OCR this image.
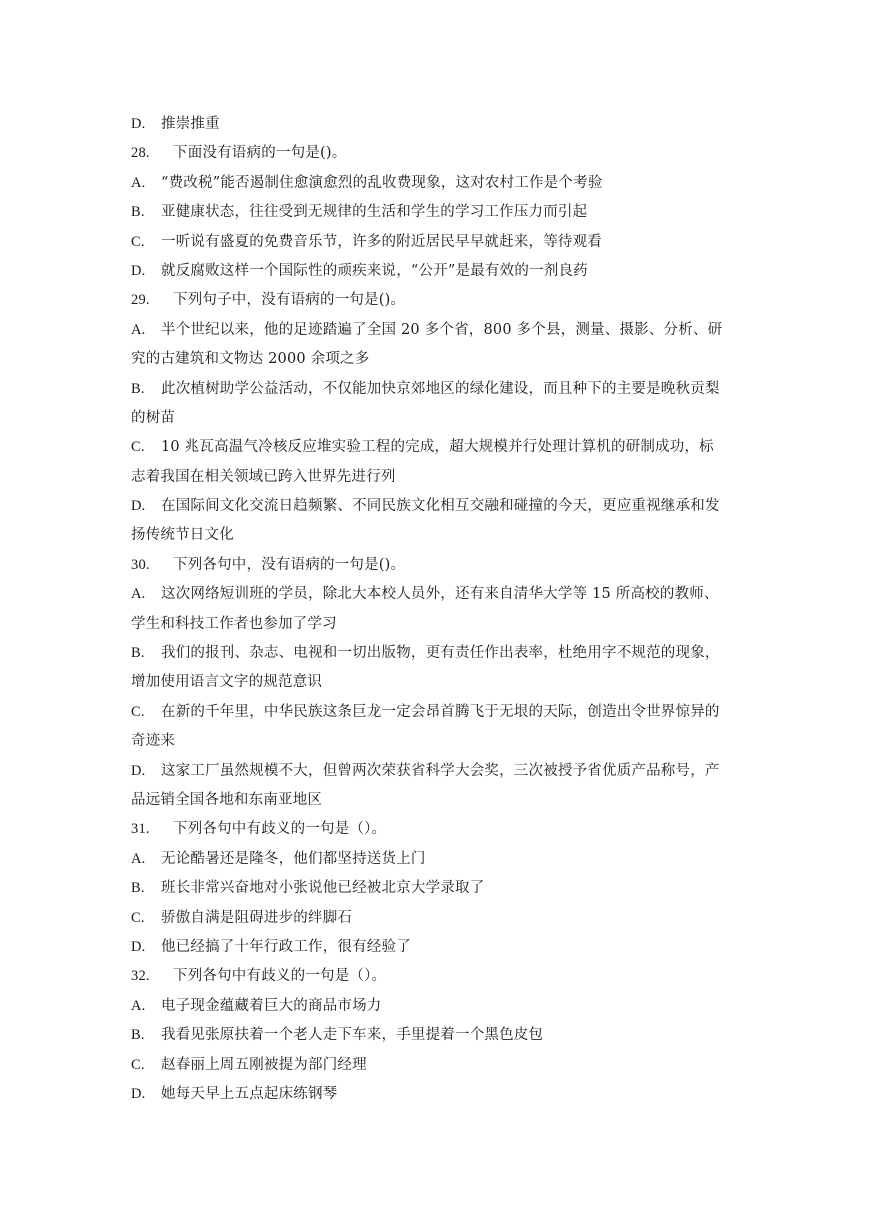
D. 推崇推重
28. 下面没有语病的一句是()。
A. “费改税”能否遏制住愈演愈烈的乱收费现象，这对农村工作是个考验
B. 亚健康状态，往往受到无规律的生活和学生的学习工作压力而引起
C. 一听说有盛夏的免费音乐节，许多的附近居民早早就赶来，等待观看
D. 就反腐败这样一个国际性的顽疾来说，“公开”是最有效的一剂良药
29. 下列句子中，没有语病的一句是()。
A. 半个世纪以来，他的足迹踏遍了全国 20 多个省，800 多个县，测量、摄影、分析、研
究的古建筑和文物达 2000 余项之多
B. 此次植树助学公益活动，不仅能加快京郊地区的绿化建设，而且种下的主要是晚秋贡梨
的树苗
C. 10 兆瓦高温气冷核反应堆实验工程的完成，超大规模并行处理计算机的研制成功，标
志着我国在相关领域已跨入世界先进行列
D. 在国际间文化交流日趋频繁、不同民族文化相互交融和碰撞的今天，更应重视继承和发
扬传统节日文化
30. 下列各句中，没有语病的一句是()。
A. 这次网络短训班的学员，除北大本校人员外，还有来自清华大学等 15 所高校的教师、
学生和科技工作者也参加了学习
B. 我们的报刊、杂志、电视和一切出版物，更有责任作出表率，杜绝用字不规范的现象，
增加使用语言文字的规范意识
C. 在新的千年里，中华民族这条巨龙一定会昂首腾飞于无垠的天际，创造出令世界惊异的
奇迹来
D. 这家工厂虽然规模不大，但曾两次荣获省科学大会奖，三次被授予省优质产品称号，产
品远销全国各地和东南亚地区
31. 下列各句中有歧义的一句是（）。
A. 无论酷暑还是隆冬，他们都坚持送货上门
B. 班长非常兴奋地对小张说他已经被北京大学录取了
C. 骄傲自满是阻碍进步的绊脚石
D. 他已经搞了十年行政工作，很有经验了
32. 下列各句中有歧义的一句是（）。
A. 电子现金蕴藏着巨大的商品市场力
B. 我看见张原扶着一个老人走下车来，手里提着一个黑色皮包
C. 赵春丽上周五刚被提为部门经理
D. 她每天早上五点起床练钢琴
